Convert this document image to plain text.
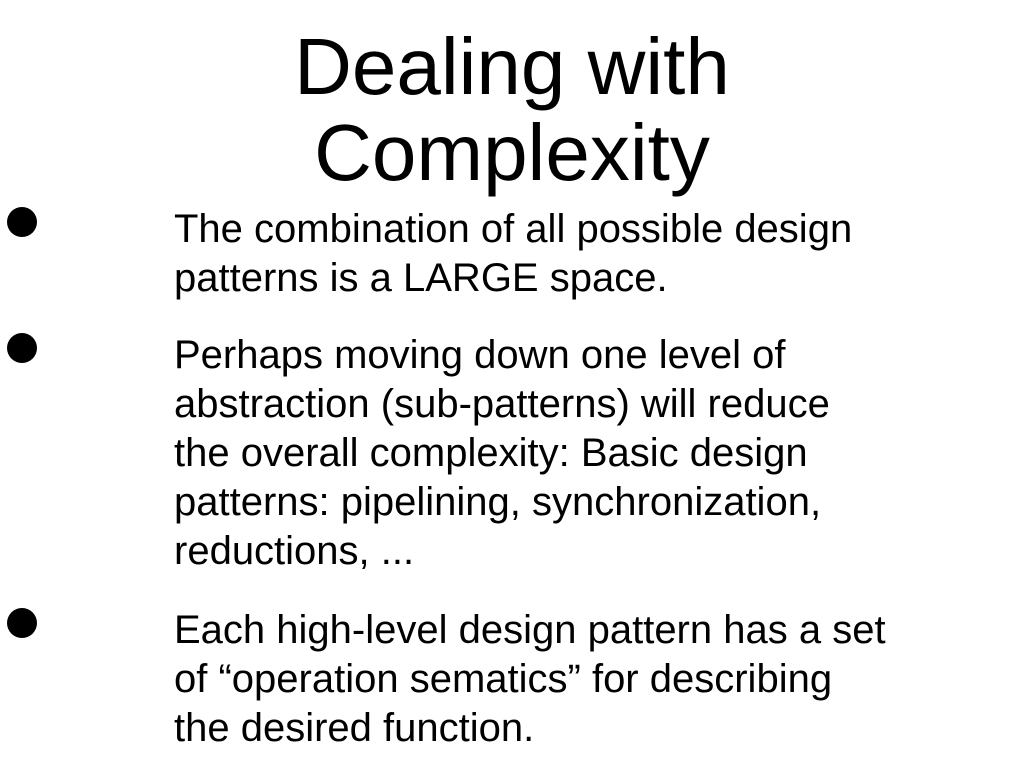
The combination of all possible design
patterns is a LARGE space.
Perhaps moving down one level of
abstraction (sub-patterns) will reduce
the overall complexity: Basic design
patterns: pipelining, synchronization,
reductions, ...
Each high-level design pattern has a set
of “operation sematics” for describing
the desired function.
Dealing with
Complexity
